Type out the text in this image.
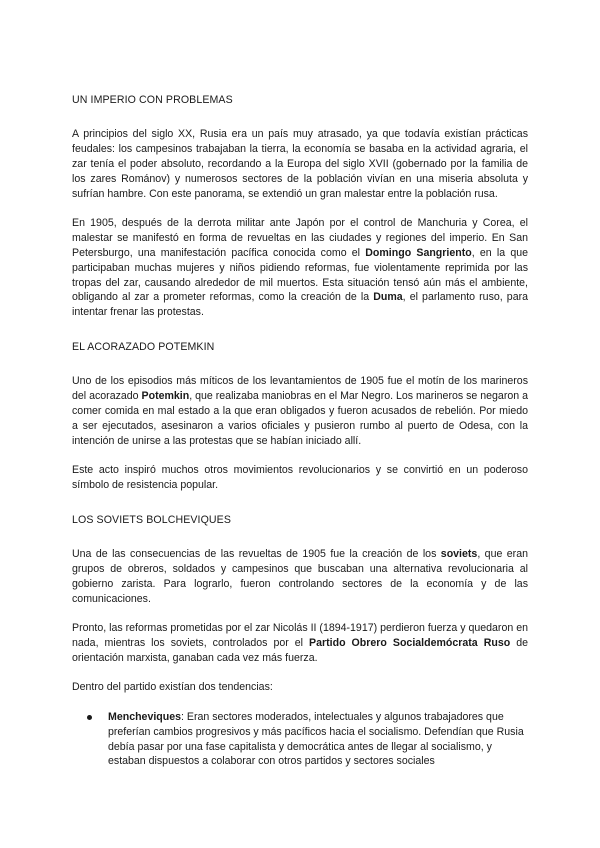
UN IMPERIO CON PROBLEMAS

A principios del siglo XX, Rusia era un país muy atrasado, ya que todavía existían prácticas feudales: los campesinos trabajaban la tierra, la economía se basaba en la actividad agraria, el zar tenía el poder absoluto, recordando a la Europa del siglo XVII (gobernado por la familia de los zares Románov) y numerosos sectores de la población vivían en una miseria absoluta y sufrían hambre. Con este panorama, se extendió un gran malestar entre la población rusa.

En 1905, después de la derrota militar ante Japón por el control de Manchuria y Corea, el malestar se manifestó en forma de revueltas en las ciudades y regiones del imperio. En San Petersburgo, una manifestación pacífica conocida como el Domingo Sangriento, en la que participaban muchas mujeres y niños pidiendo reformas, fue violentamente reprimida por las tropas del zar, causando alrededor de mil muertos. Esta situación tensó aún más el ambiente, obligando al zar a prometer reformas, como la creación de la Duma, el parlamento ruso, para intentar frenar las protestas.

EL ACORAZADO POTEMKIN

Uno de los episodios más míticos de los levantamientos de 1905 fue el motín de los marineros del acorazado Potemkin, que realizaba maniobras en el Mar Negro. Los marineros se negaron a comer comida en mal estado a la que eran obligados y fueron acusados de rebelión. Por miedo a ser ejecutados, asesinaron a varios oficiales y pusieron rumbo al puerto de Odesa, con la intención de unirse a las protestas que se habían iniciado allí.

Este acto inspiró muchos otros movimientos revolucionarios y se convirtió en un poderoso símbolo de resistencia popular.

LOS SOVIETS BOLCHEVIQUES

Una de las consecuencias de las revueltas de 1905 fue la creación de los soviets, que eran grupos de obreros, soldados y campesinos que buscaban una alternativa revolucionaria al gobierno zarista. Para lograrlo, fueron controlando sectores de la economía y de las comunicaciones.

Pronto, las reformas prometidas por el zar Nicolás II (1894-1917) perdieron fuerza y quedaron en nada, mientras los soviets, controlados por el Partido Obrero Socialdemócrata Ruso de orientación marxista, ganaban cada vez más fuerza.

Dentro del partido existían dos tendencias:

Mencheviques: Eran sectores moderados, intelectuales y algunos trabajadores que preferían cambios progresivos y más pacíficos hacia el socialismo. Defendían que Rusia debía pasar por una fase capitalista y democrática antes de llegar al socialismo, y estaban dispuestos a colaborar con otros partidos y sectores sociales
